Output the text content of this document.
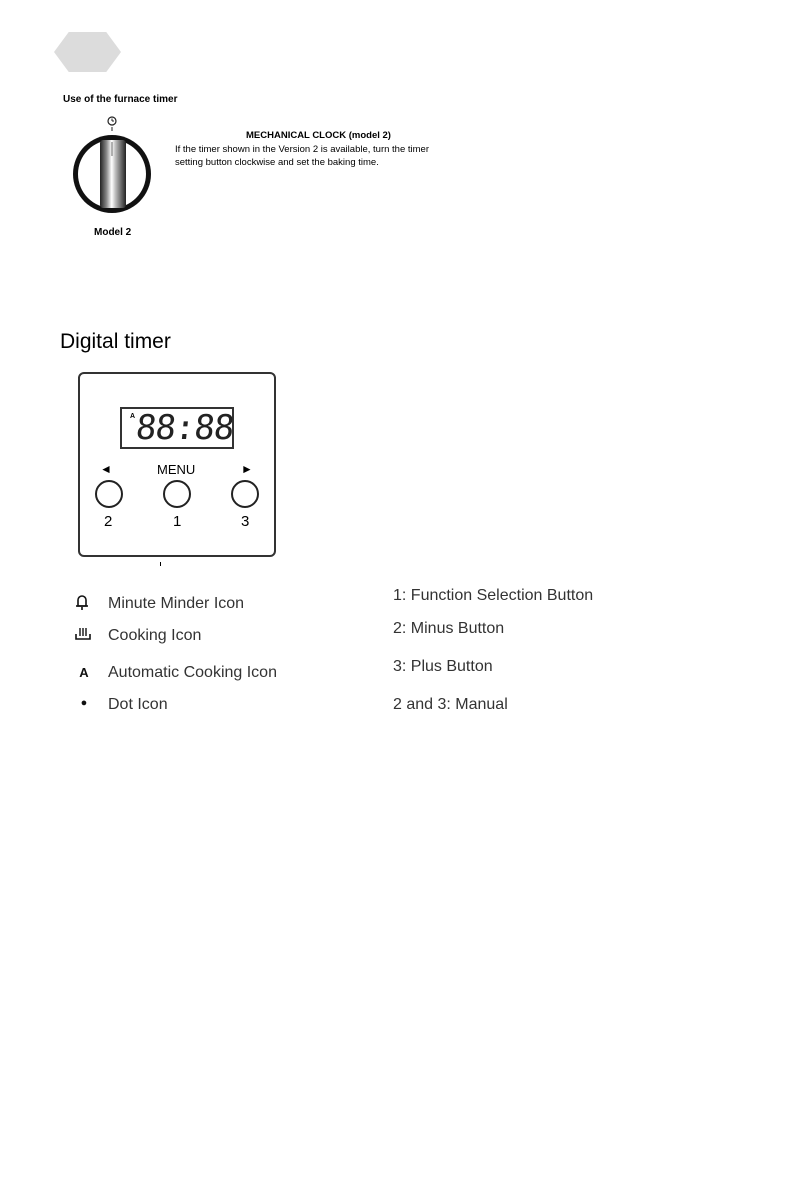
Use of the furnace timer
Model 2
MECHANICAL CLOCK (model 2)
If the timer shown in the Version 2 is available, turn the timer setting button clockwise and set the baking time.
Digital timer
A
88:88
◄	MENU	►
2	1	3
Minute Minder Icon
Cooking Icon
A Automatic Cooking Icon
● Dot Icon
1: Function Selection Button
2: Minus Button
3: Plus Button
2 and 3: Manual
